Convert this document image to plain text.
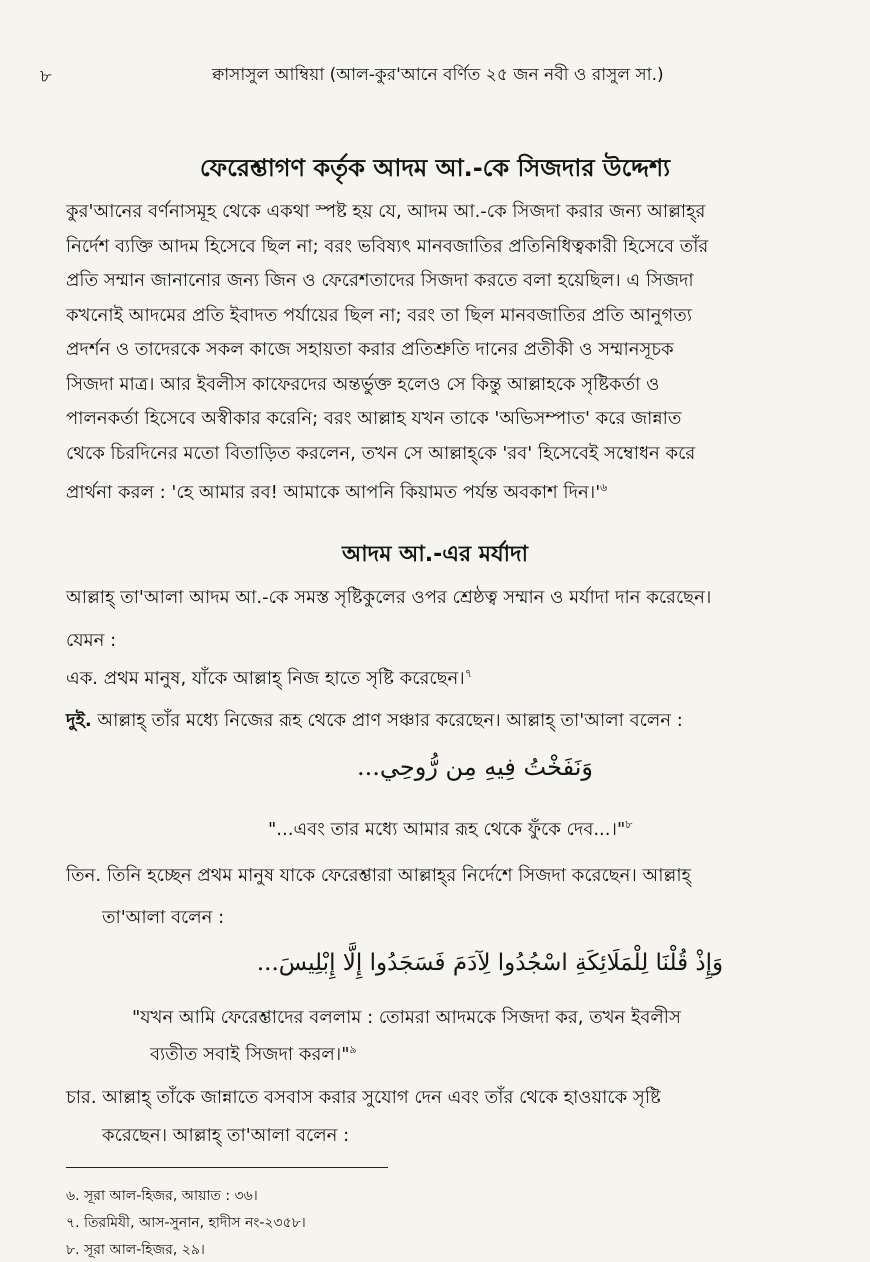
৮	ক্বাসাসুল আম্বিয়া (আল-কুর'আনে বর্ণিত ২৫ জন নবী ও রাসুল সা.)
ফেরেশ্তাগণ কর্তৃক আদম আ.-কে সিজদার উদ্দেশ্য
কুর'আনের বর্ণনাসমূহ থেকে একথা স্পষ্ট হয় যে, আদম আ.-কে সিজদা করার জন্য আল্লাহ্‌র
নির্দেশ ব্যক্তি আদম হিসেবে ছিল না; বরং ভবিষ্যৎ মানবজাতির প্রতিনিধিত্বকারী হিসেবে তাঁর
প্রতি সম্মান জানানোর জন্য জিন ও ফেরেশতাদের সিজদা করতে বলা হয়েছিল। এ সিজদা
কখনোই আদমের প্রতি ইবাদত পর্যায়ের ছিল না; বরং তা ছিল মানবজাতির প্রতি আনুগত্য
প্রদর্শন ও তাদেরকে সকল কাজে সহায়তা করার প্রতিশ্রুতি দানের প্রতীকী ও সম্মানসূচক
সিজদা মাত্র। আর ইবলীস কাফেরদের অন্তর্ভুক্ত হলেও সে কিন্তু আল্লাহকে সৃষ্টিকর্তা ও
পালনকর্তা হিসেবে অস্বীকার করেনি; বরং আল্লাহ যখন তাকে 'অভিসম্পাত' করে জান্নাত
থেকে চিরদিনের মতো বিতাড়িত করলেন, তখন সে আল্লাহ্‌কে 'রব' হিসেবেই সম্বোধন করে
প্রার্থনা করল : 'হে আমার রব! আমাকে আপনি কিয়ামত পর্যন্ত অবকাশ $দিন।'^৬$
আদম আ.-এর মর্যাদা
আল্লাহ্ তা'আলা আদম আ.-কে সমস্ত সৃষ্টিকুলের ওপর শ্রেষ্ঠত্ব সম্মান ও মর্যাদা দান করেছেন।
যেমন :
এক. প্রথম মানুষ, যাঁকে আল্লাহ্ নিজ হাতে সৃষ্টি করেছেন।$^৭$
দুই. আল্লাহ্ তাঁর মধ্যে নিজের রূহ থেকে প্রাণ সঞ্চার করেছেন। আল্লাহ্ তা'আলা বলেন :
وَنَفَخْتُ فِيهِ مِن رُّوحِي...
"...এবং তার মধ্যে আমার রূহ থেকে ফুঁকে দেব...।"$^৮$
তিন. তিনি হচ্ছেন প্রথম মানুষ যাকে ফেরেশ্তারা আল্লাহ্‌র নির্দেশে সিজদা করেছেন। আল্লাহ্
তা'আলা বলেন :
وَإِذْ قُلْنَا لِلْمَلَائِكَةِ اسْجُدُوا لِآدَمَ فَسَجَدُوا إِلَّا إِبْلِيسَ...
"যখন আমি ফেরেশ্তাদের বললাম : তোমরা আদমকে সিজদা কর, তখন ইবলীস
ব্যতীত সবাই সিজদা করল।"$^৯$
চার. আল্লাহ্ তাঁকে জান্নাতে বসবাস করার সুযোগ দেন এবং তাঁর থেকে হাওয়াকে সৃষ্টি
করেছেন। আল্লাহ্ তা'আলা বলেন :
৬. সূরা আল-হিজর, আয়াত : ৩৬।
৭. তিরমিযী, আস-সুনান, হাদীস নং-২৩৫৮।
৮. সূরা আল-হিজর, ২৯।
